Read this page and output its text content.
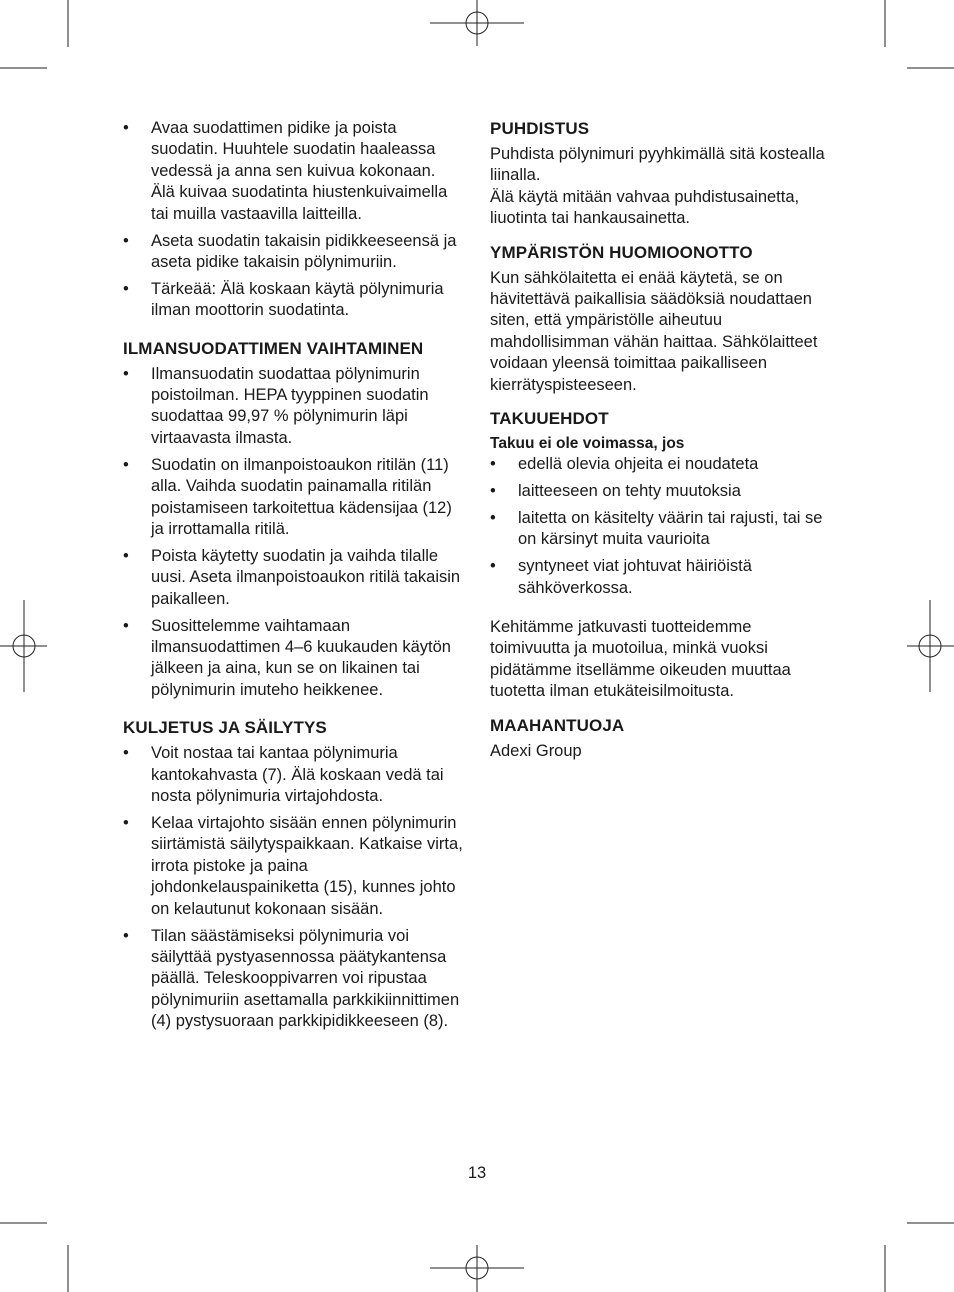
• Avaa suodattimen pidike ja poista suodatin. Huuhtele suodatin haaleassa vedessä ja anna sen kuivua kokonaan. Älä kuivaa suodatinta hiustenkuivaimella tai muilla vastaavilla laitteilla.
• Aseta suodatin takaisin pidikkeeseensä ja aseta pidike takaisin pölynimuriin.
• Tärkeää: Älä koskaan käytä pölynimuria ilman moottorin suodatinta.
ILMANSUODATTIMEN VAIHTAMINEN
• Ilmansuodatin suodattaa pölynimurin poistoilman. HEPA tyyppinen suodatin suodattaa 99,97 % pölynimurin läpi virtaavasta ilmasta.
• Suodatin on ilmanpoistoaukon ritilän (11) alla. Vaihda suodatin painamalla ritilän poistamiseen tarkoitettua kädensijaa (12) ja irrottamalla ritilä.
• Poista käytetty suodatin ja vaihda tilalle uusi. Aseta ilmanpoistoaukon ritilä takaisin paikalleen.
• Suosittelemme vaihtamaan ilmansuodattimen 4–6 kuukauden käytön jälkeen ja aina, kun se on likainen tai pölynimurin imuteho heikkenee.
KULJETUS JA SÄILYTYS
• Voit nostaa tai kantaa pölynimuria kantokahvasta (7). Älä koskaan vedä tai nosta pölynimuria virtajohdosta.
• Kelaa virtajohto sisään ennen pölynimurin siirtämistä säilytyspaikkaan. Katkaise virta, irrota pistoke ja paina johdonkelauspainiketta (15), kunnes johto on kelautunut kokonaan sisään.
• Tilan säästämiseksi pölynimuria voi säilyttää pystyasennossa päätykantensa päällä. Teleskooppivarren voi ripustaa pölynimuriin asettamalla parkkikiinnittimen (4) pystysuoraan parkkipidikkeeseen (8).
PUHDISTUS

Puhdista pölynimuri pyyhkimällä sitä kostealla liinalla.

Älä käytä mitään vahvaa puhdistusainetta, liuotinta tai hankausainetta.

YMPÄRISTÖN HUOMIOONOTTO

Kun sähkölaitetta ei enää käytetä, se on hävitettävä paikallisia säädöksiä noudattaen siten, että ympäristölle aiheutuu mahdollisimman vähän haittaa. Sähkölaitteet voidaan yleensä toimittaa paikalliseen kierrätyspisteeseen.

TAKUUEHDOT
Takuu ei ole voimassa, jos
• edellä olevia ohjeita ei noudateta
• laitteeseen on tehty muutoksia
• laitetta on käsitelty väärin tai rajusti, tai se on kärsinyt muita vaurioita
• syntyneet viat johtuvat häiriöistä sähköverkossa.

Kehitämme jatkuvasti tuotteidemme toimivuutta ja muotoilua, minkä vuoksi pidätämme itsellämme oikeuden muuttaa tuotetta ilman etukäteisilmoitusta.

MAAHANTUOJA

Adexi Group

13
